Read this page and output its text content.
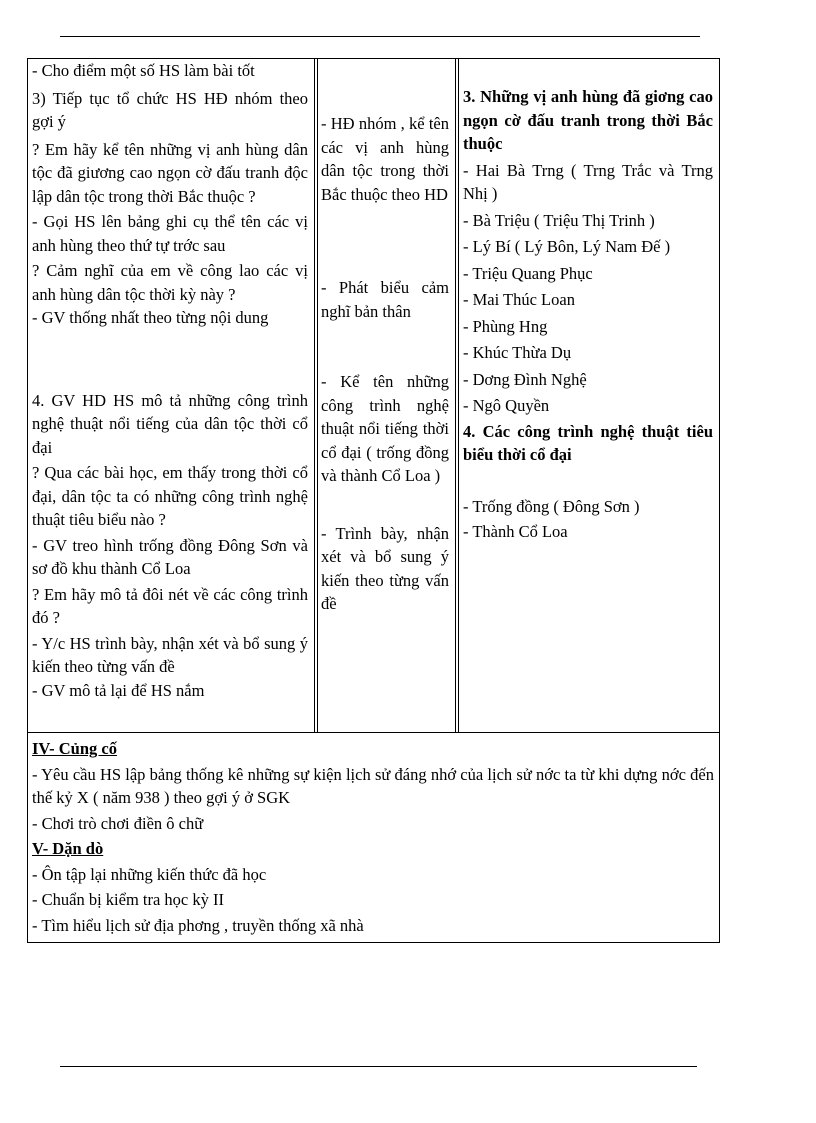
- Cho điểm một số HS làm bài tốt

3) Tiếp tục tổ chức HS HĐ nhóm theo gợi ý

? Em hãy kể tên những vị anh hùng dân tộc đã giương cao ngọn cờ đấu tranh độc lập dân tộc trong thời Bắc thuộc ?

- Gọi HS lên bảng ghi cụ thể tên các vị anh hùng theo thứ tự trớc sau

? Cảm nghĩ của em về công lao các vị anh hùng dân tộc thời kỳ này ?

- GV thống nhất theo từng nội dung

4. GV HD HS mô tả những công trình nghệ thuật nổi tiếng của dân tộc thời cổ đại

? Qua các bài học, em thấy trong thời cổ đại, dân tộc ta có những công trình nghệ thuật tiêu biểu nào ?

- GV treo hình trống đồng Đông Sơn và sơ đồ khu thành Cổ Loa

? Em hãy mô tả đôi nét về các công trình đó ?

- Y/c HS trình bày, nhận xét và bổ sung ý kiến theo từng vấn đề

- GV mô tả lại để HS nắm

- HĐ nhóm , kể tên các vị anh hùng dân tộc trong thời Bắc thuộc theo HD

- Phát biểu cảm nghĩ bản thân

- Kể tên những công trình nghệ thuật nổi tiếng thời cổ đại ( trống đồng và thành Cổ Loa )

- Trình bày, nhận xét và bổ sung ý kiến theo từng vấn đề

3. Những vị anh hùng đã giơng cao ngọn cờ đấu tranh trong thời Bắc thuộc

- Hai Bà Trng ( Trng Trắc và Trng Nhị )

- Bà Triệu ( Triệu Thị Trinh )

- Lý Bí ( Lý Bôn, Lý Nam Đế )

- Triệu Quang Phục

- Mai Thúc Loan

- Phùng Hng

- Khúc Thừa Dụ

- Dơng Đình Nghệ

- Ngô Quyền

4. Các công trình nghệ thuật tiêu biểu thời cổ đại

- Trống đồng ( Đông Sơn )

- Thành Cổ Loa

IV- Củng cố

- Yêu cầu HS lập bảng thống kê những sự kiện lịch sử đáng nhớ của lịch sử nớc ta từ khi dựng nớc đến thế kỷ X ( năm 938 ) theo gợi ý ở SGK

- Chơi trò chơi điền ô chữ

V- Dặn dò

- Ôn tập lại những kiến thức đã học

- Chuẩn bị kiểm tra học kỳ II

- Tìm hiểu lịch sử địa phơng , truyền thống xã nhà
